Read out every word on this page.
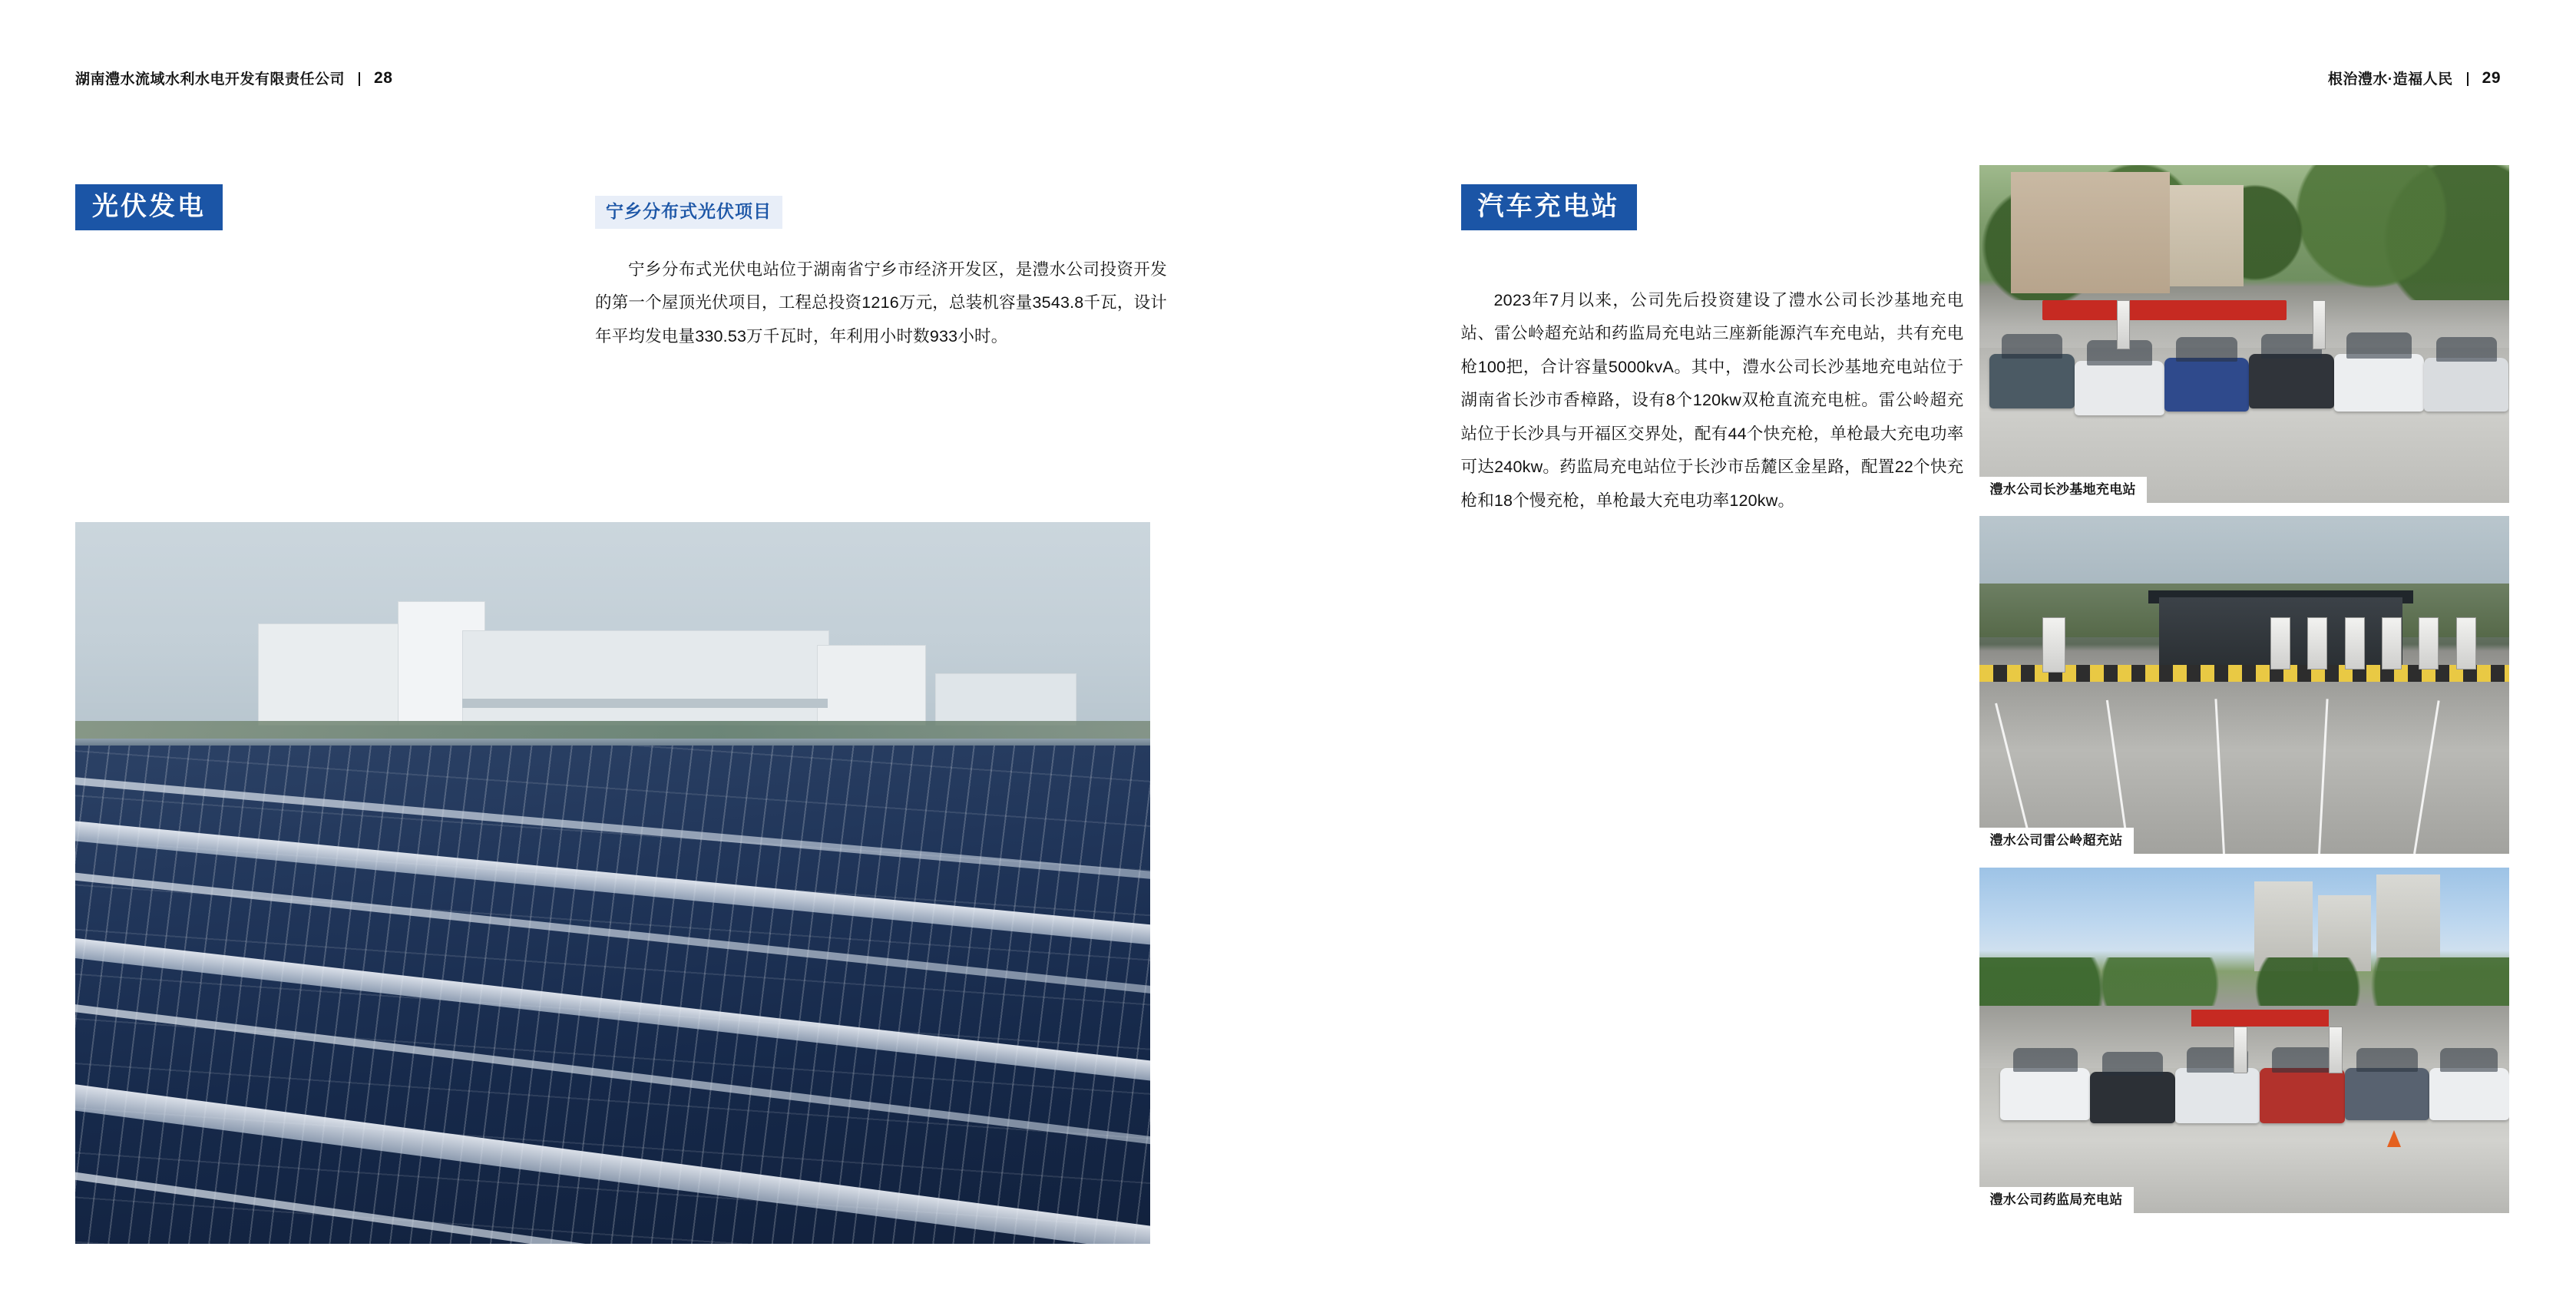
湖南澧水流域水利水电开发有限责任公司 28
光伏发电	宁乡分布式光伏项目

宁乡分布式光伏电站位于湖南省宁乡市经济开发区，是澧水公司投资开发的第一个屋顶光伏项目，工程总投资1216万元，总装机容量3543.8千瓦，设计年平均发电量330.53万千瓦时，年利用小时数933小时。

根治澧水·造福人民 29
汽车充电站

2023年7月以来，公司先后投资建设了澧水公司长沙基地充电站、雷公岭超充站和药监局充电站三座新能源汽车充电站，共有充电枪100把，合计容量5000kvA。其中，澧水公司长沙基地充电站位于湖南省长沙市香樟路，设有8个120kw双枪直流充电桩。雷公岭超充站位于长沙具与开福区交界处，配有44个快充枪，单枪最大充电功率可达240kw。药监局充电站位于长沙市岳麓区金星路，配置22个快充枪和18个慢充枪，单枪最大充电功率120kw。

澧水公司长沙基地充电站
澧水公司雷公岭超充站
澧水公司药监局充电站
